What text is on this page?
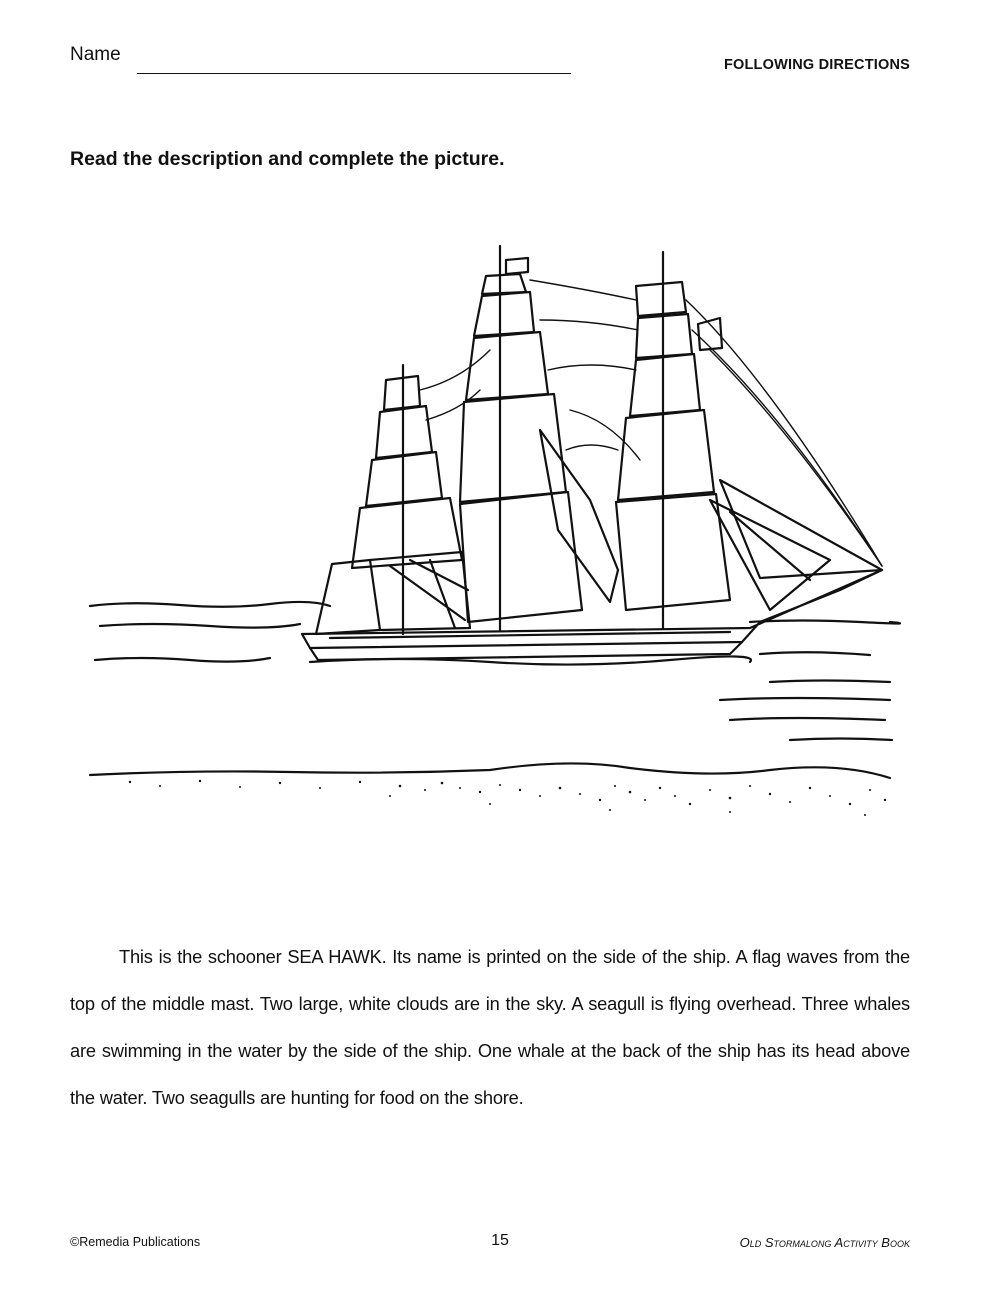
Name	FOLLOWING DIRECTIONS
Read the description and complete the picture.
This is the schooner SEA HAWK. Its name is printed on the side of the ship. A flag waves from the top of the middle mast. Two large, white clouds are in the sky. A seagull is flying overhead. Three whales are swimming in the water by the side of the ship. One whale at the back of the ship has its head above the water. Two seagulls are hunting for food on the shore.
©Remedia Publications	15	Old Stormalong Activity Book
